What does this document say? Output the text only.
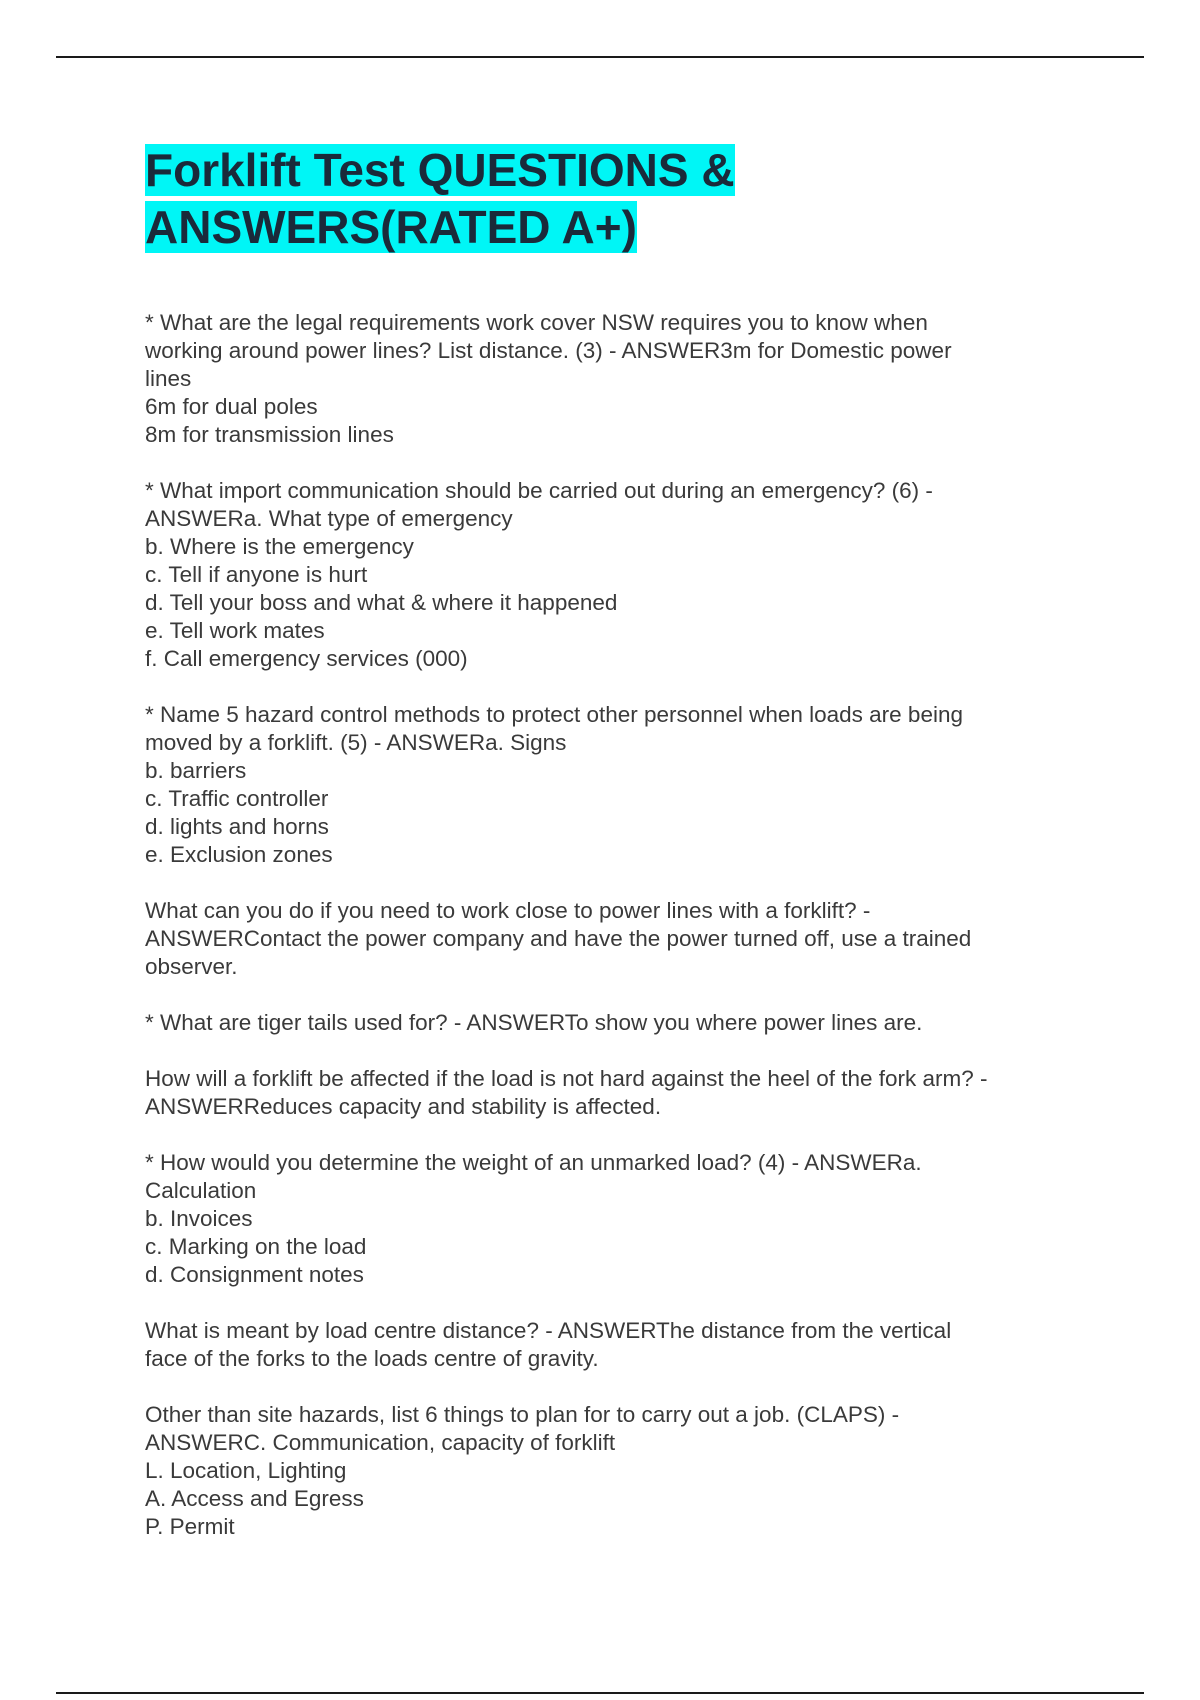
Forklift Test QUESTIONS &
ANSWERS(RATED A+)

* What are the legal requirements work cover NSW requires you to know when
working around power lines? List distance. (3) - ANSWER3m for Domestic power
lines
6m for dual poles
8m for transmission lines

* What import communication should be carried out during an emergency? (6) -
ANSWERa. What type of emergency
b. Where is the emergency
c. Tell if anyone is hurt
d. Tell your boss and what & where it happened
e. Tell work mates
f. Call emergency services (000)

* Name 5 hazard control methods to protect other personnel when loads are being
moved by a forklift. (5) - ANSWERa. Signs
b. barriers
c. Traffic controller
d. lights and horns
e. Exclusion zones

What can you do if you need to work close to power lines with a forklift? -
ANSWERContact the power company and have the power turned off, use a trained
observer.

* What are tiger tails used for? - ANSWERTo show you where power lines are.

How will a forklift be affected if the load is not hard against the heel of the fork arm? -
ANSWERReduces capacity and stability is affected.

* How would you determine the weight of an unmarked load? (4) - ANSWERa.
Calculation
b. Invoices
c. Marking on the load
d. Consignment notes

What is meant by load centre distance? - ANSWERThe distance from the vertical
face of the forks to the loads centre of gravity.

Other than site hazards, list 6 things to plan for to carry out a job. (CLAPS) -
ANSWERC. Communication, capacity of forklift
L. Location, Lighting
A. Access and Egress
P. Permit
